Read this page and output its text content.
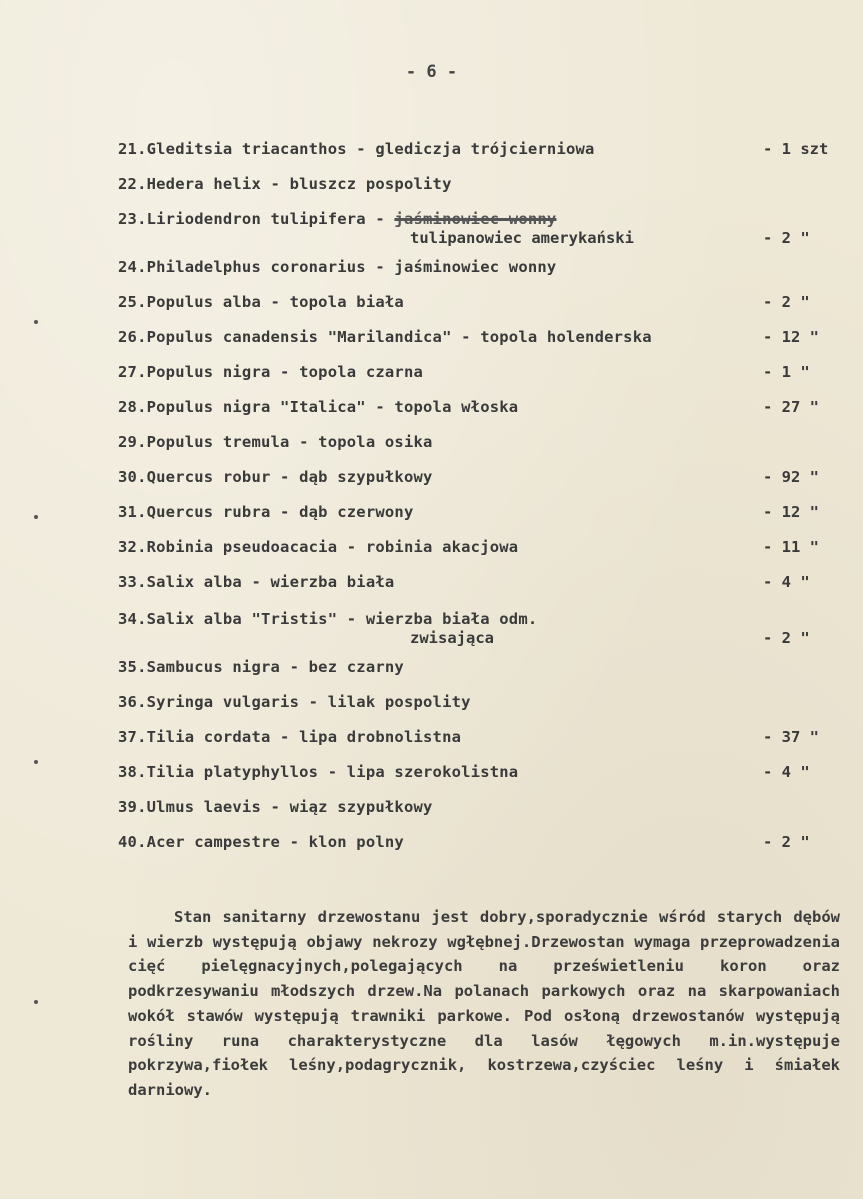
- 6 -
21.Gleditsia triacanthos - glediczja trójcierniowa	- 1 szt
22.Hedera helix - bluszcz pospolity
23.Liriodendron tulipifera - jaśminowiec wonny
tulipanowiec amerykański	- 2 "
24.Philadelphus coronarius - jaśminowiec wonny
25.Populus alba - topola biała	- 2 "
26.Populus canadensis "Marilandica" - topola holenderska	- 12 "
27.Populus nigra - topola czarna	- 1 "
28.Populus nigra "Italica" - topola włoska	- 27 "
29.Populus tremula - topola osika
30.Quercus robur - dąb szypułkowy	- 92 "
31.Quercus rubra - dąb czerwony	- 12 "
32.Robinia pseudoacacia - robinia akacjowa	- 11 "
33.Salix alba - wierzba biała	- 4 "
34.Salix alba "Tristis" - wierzba biała odm.
zwisająca	- 2 "
35.Sambucus nigra - bez czarny
36.Syringa vulgaris - lilak pospolity
37.Tilia cordata - lipa drobnolistna	- 37 "
38.Tilia platyphyllos - lipa szerokolistna	- 4 "
39.Ulmus laevis - wiąz szypułkowy
40.Acer campestre - klon polny	- 2 "
Stan sanitarny drzewostanu jest dobry,sporadycznie wśród starych dębów i wierzb występują objawy nekrozy wgłębnej.Drzewostan wymaga przeprowadzenia cięć pielęgnacyjnych,polegających na prześwietleniu koron oraz podkrzesywaniu młodszych drzew.Na polanach parkowych oraz na skarpowaniach wokół stawów występują trawniki parkowe. Pod osłoną drzewostanów występują rośliny runa charakterystyczne dla lasów łęgowych m.in.występuje pokrzywa,fiołek leśny,podagrycznik, kostrzewa,czyściec leśny i śmiałek darniowy.
